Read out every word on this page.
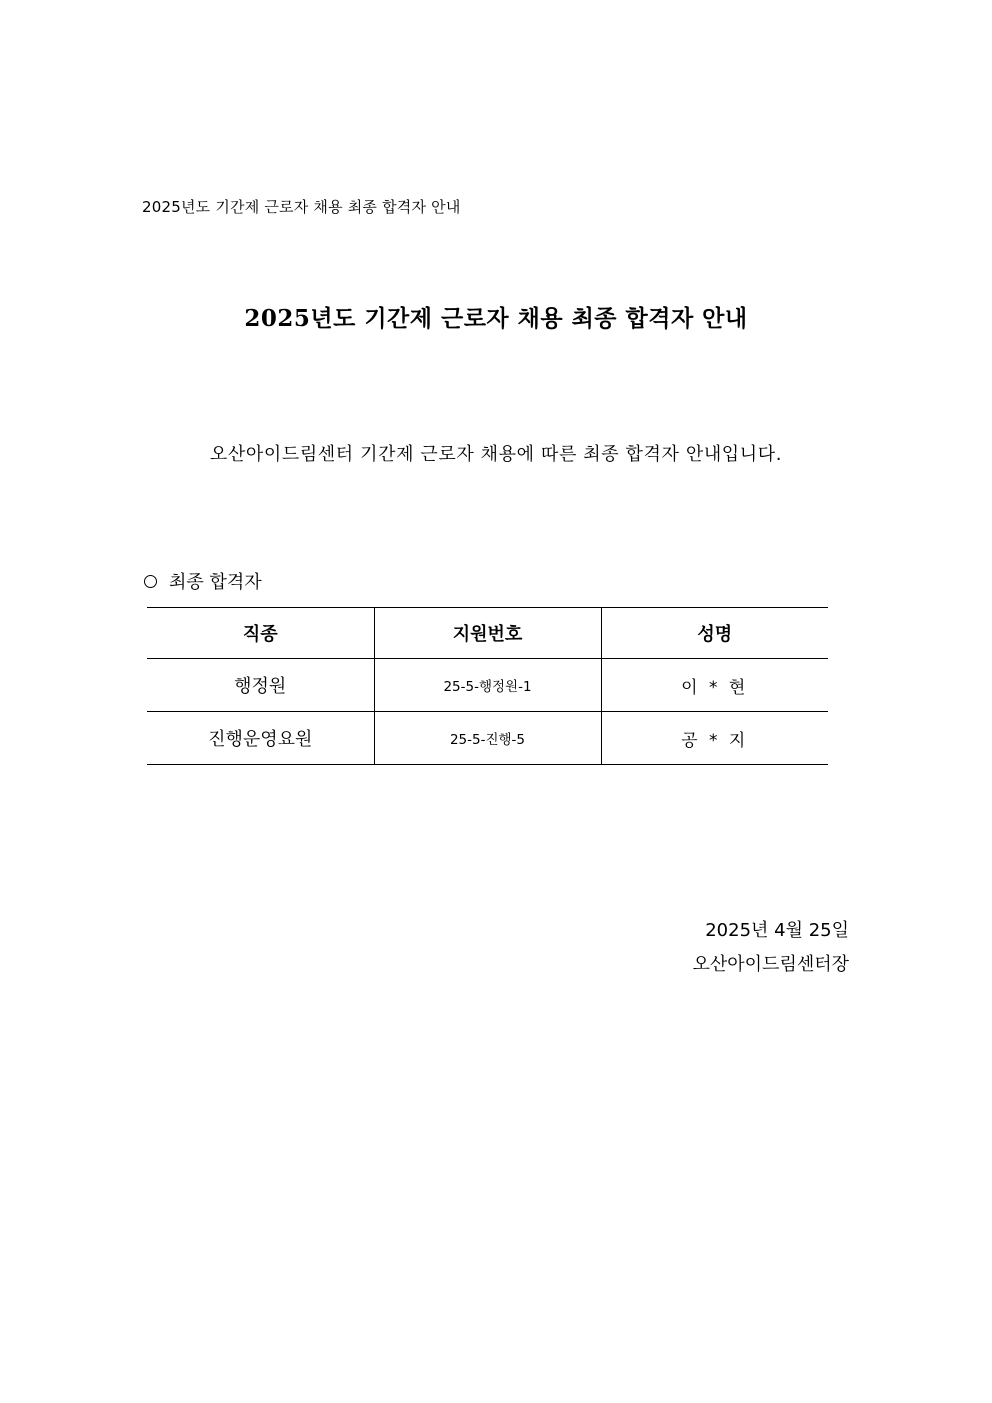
2025년도 기간제 근로자 채용 최종 합격자 안내
2025년도 기간제 근로자 채용 최종 합격자 안내
오산아이드림센터 기간제 근로자 채용에 따른 최종 합격자 안내입니다.
최종 합격자
직종	지원번호	성명
행정원	25-5-행정원-1	이 * 현
진행운영요원	25-5-진행-5	공 * 지
2025년 4월 25일
오산아이드림센터장
